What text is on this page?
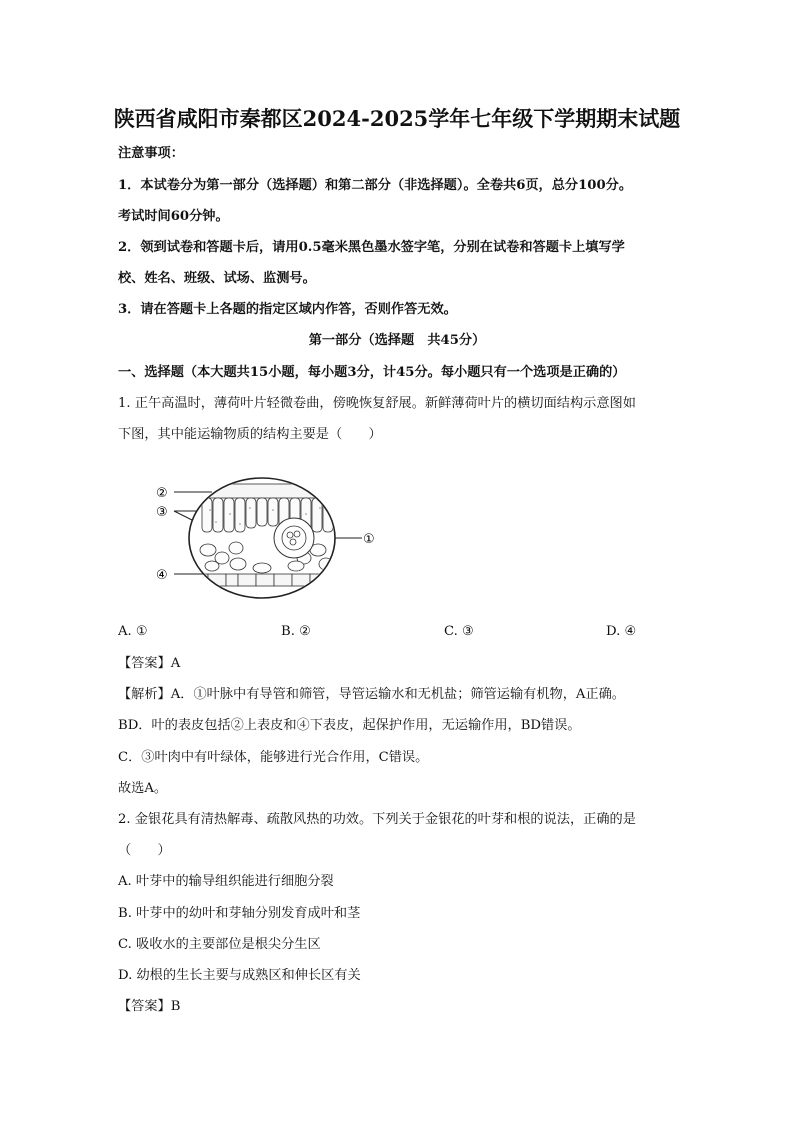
陕西省咸阳市秦都区2024-2025学年七年级下学期期末试题
注意事项：
1．本试卷分为第一部分（选择题）和第二部分（非选择题）。全卷共6页，总分100分。
考试时间60分钟。
2．领到试卷和答题卡后，请用0.5毫米黑色墨水签字笔，分别在试卷和答题卡上填写学
校、姓名、班级、试场、监测号。
3．请在答题卡上各题的指定区域内作答，否则作答无效。
第一部分（选择题　共45分）
一、选择题（本大题共15小题，每小题3分，计45分。每小题只有一个选项是正确的）
1. 正午高温时，薄荷叶片轻微卷曲，傍晚恢复舒展。新鲜薄荷叶片的横切面结构示意图如
下图，其中能运输物质的结构主要是（　　）
②
③
④
①
A. ①	B. ②	C. ③	D. ④
【答案】A
【解析】A．①叶脉中有导管和筛管，导管运输水和无机盐；筛管运输有机物，A正确。
BD．叶的表皮包括②上表皮和④下表皮，起保护作用，无运输作用，BD错误。
C．③叶肉中有叶绿体，能够进行光合作用，C错误。
故选A。
2. 金银花具有清热解毒、疏散风热的功效。下列关于金银花的叶芽和根的说法，正确的是
（　　）
A. 叶芽中的输导组织能进行细胞分裂
B. 叶芽中的幼叶和芽轴分别发育成叶和茎
C. 吸收水的主要部位是根尖分生区
D. 幼根的生长主要与成熟区和伸长区有关
【答案】B
